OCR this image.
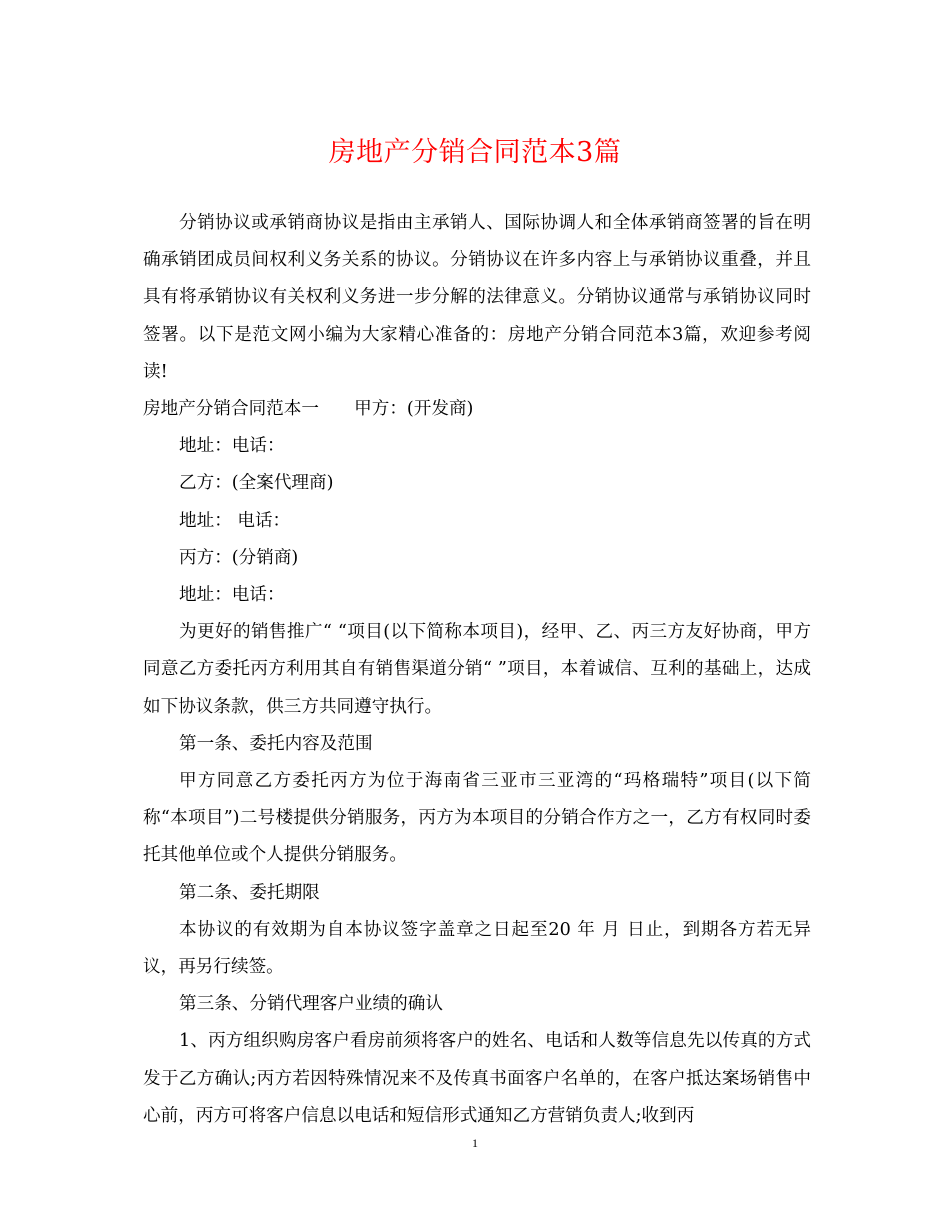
房地产分销合同范本3篇

分销协议或承销商协议是指由主承销人、国际协调人和全体承销商签署的旨在明确承销团成员间权利义务关系的协议。分销协议在许多内容上与承销协议重叠，并且具有将承销协议有关权利义务进一步分解的法律意义。分销协议通常与承销协议同时签署。以下是范文网小编为大家精心准备的：房地产分销合同范本3篇，欢迎参考阅读!

房地产分销合同范本一　　甲方：(开发商)

地址：电话：

乙方：(全案代理商)

地址： 电话：

丙方：(分销商)

地址：电话：

为更好的销售推广“ “项目(以下简称本项目)，经甲、乙、丙三方友好协商，甲方同意乙方委托丙方利用其自有销售渠道分销“ ”项目，本着诚信、互利的基础上，达成如下协议条款，供三方共同遵守执行。

第一条、委托内容及范围

甲方同意乙方委托丙方为位于海南省三亚市三亚湾的“玛格瑞特”项目(以下简称“本项目”)二号楼提供分销服务，丙方为本项目的分销合作方之一，乙方有权同时委托其他单位或个人提供分销服务。

第二条、委托期限

本协议的有效期为自本协议签字盖章之日起至20 年 月 日止，到期各方若无异议，再另行续签。

第三条、分销代理客户业绩的确认

1、丙方组织购房客户看房前须将客户的姓名、电话和人数等信息先以传真的方式发于乙方确认;丙方若因特殊情况来不及传真书面客户名单的，在客户抵达案场销售中心前，丙方可将客户信息以电话和短信形式通知乙方营销负责人;收到丙

1
